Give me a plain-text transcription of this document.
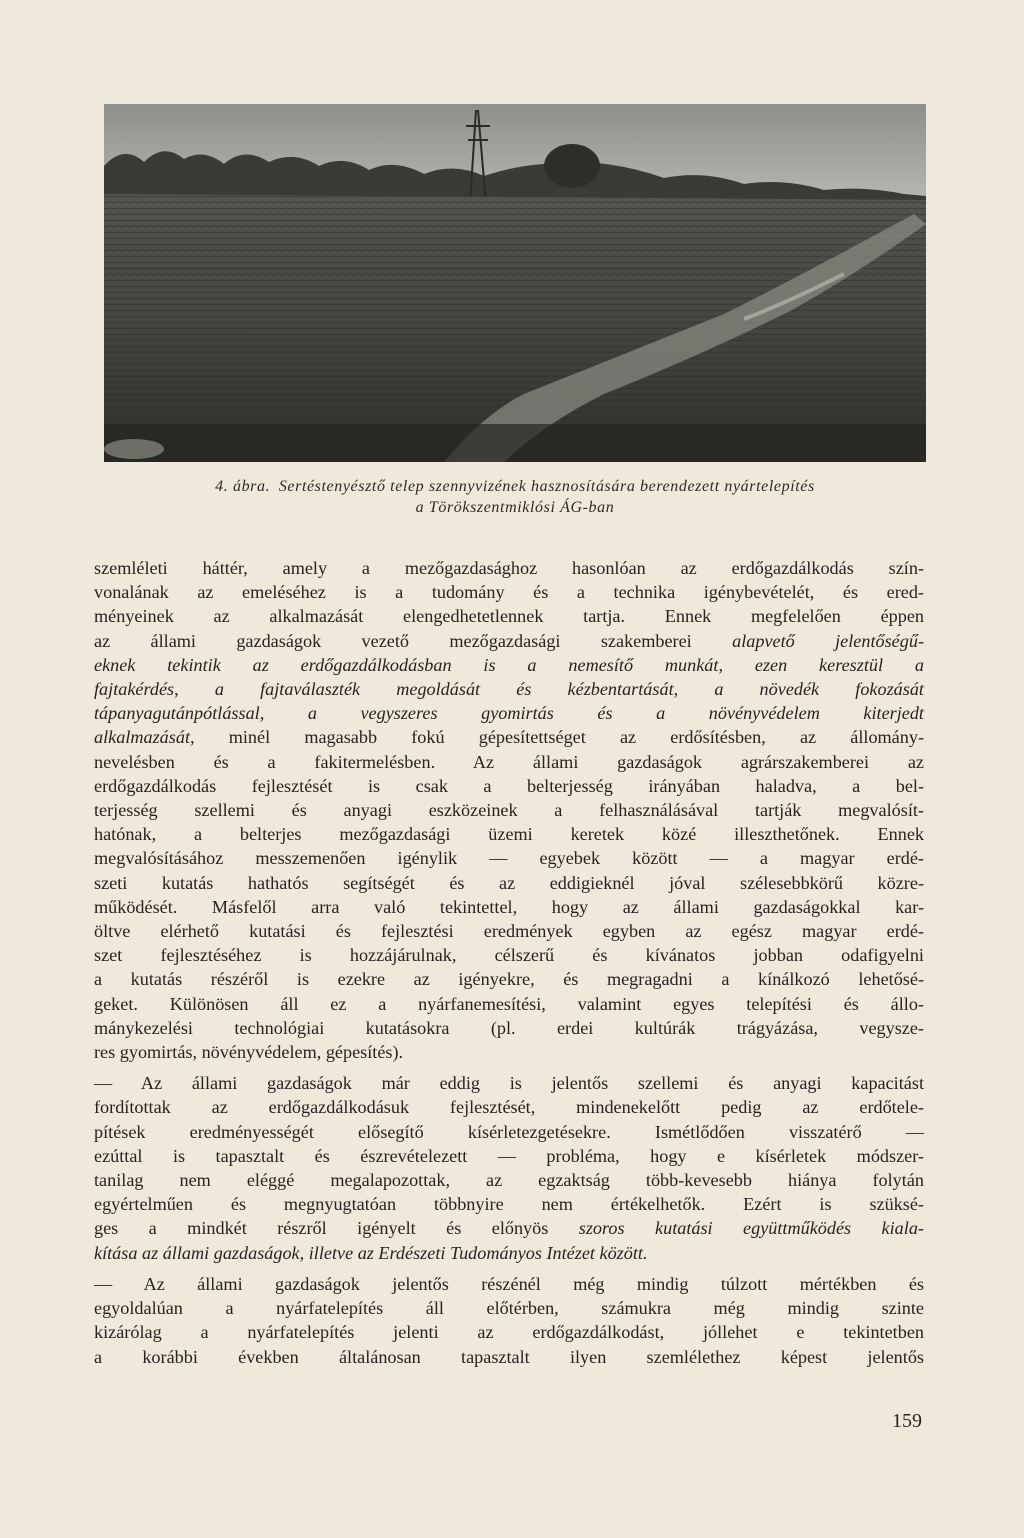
4. ábra. Sertéstenyésztő telep szennyvizének hasznosítására berendezett nyártelepítés
a Törökszentmiklósi ÁG-ban
szemléleti háttér, amely a mezőgazdasághoz hasonlóan az erdőgazdálkodás szín-
vonalának az emeléséhez is a tudomány és a technika igénybevételét, és ered-
ményeinek az alkalmazását elengedhetetlennek tartja. Ennek megfelelően éppen
az állami gazdaságok vezető mezőgazdasági szakemberei alapvető jelentőségű-
eknek tekintik az erdőgazdálkodásban is a nemesítő munkát, ezen keresztül a
fajtakérdés, a fajtaválaszték megoldását és kézbentartását, a növedék fokozását
tápanyagutánpótlással, a vegyszeres gyomirtás és a növényvédelem kiterjedt
alkalmazását, minél magasabb fokú gépesítettséget az erdősítésben, az állomány-
nevelésben és a fakitermelésben. Az állami gazdaságok agrárszakemberei az
erdőgazdálkodás fejlesztését is csak a belterjesség irányában haladva, a bel-
terjesség szellemi és anyagi eszközeinek a felhasználásával tartják megvalósít-
hatónak, a belterjes mezőgazdasági üzemi keretek közé illeszthetőnek. Ennek
megvalósításához messzemenően igénylik — egyebek között — a magyar erdé-
szeti kutatás hathatós segítségét és az eddigieknél jóval szélesebbkörű közre-
működését. Másfelől arra való tekintettel, hogy az állami gazdaságokkal kar-
öltve elérhető kutatási és fejlesztési eredmények egyben az egész magyar erdé-
szet fejlesztéséhez is hozzájárulnak, célszerű és kívánatos jobban odafigyelni
a kutatás részéről is ezekre az igényekre, és megragadni a kínálkozó lehetősé-
geket. Különösen áll ez a nyárfanemesítési, valamint egyes telepítési és állo-
mánykezelési technológiai kutatásokra (pl. erdei kultúrák trágyázása, vegysze-
res gyomirtás, növényvédelem, gépesítés).
— Az állami gazdaságok már eddig is jelentős szellemi és anyagi kapacitást
fordítottak az erdőgazdálkodásuk fejlesztését, mindenekelőtt pedig az erdőtele-
pítések eredményességét elősegítő kísérletezgetésekre. Ismétlődően visszatérő —
ezúttal is tapasztalt és észrevételezett — probléma, hogy e kísérletek módszer-
tanilag nem eléggé megalapozottak, az egzaktság több-kevesebb hiánya folytán
egyértelműen és megnyugtatóan többnyire nem értékelhetők. Ezért is szüksé-
ges a mindkét részről igényelt és előnyös szoros kutatási együttműködés kiala-
kítása az állami gazdaságok, illetve az Erdészeti Tudományos Intézet között.
— Az állami gazdaságok jelentős részénél még mindig túlzott mértékben és
egyoldalúan a nyárfatelepítés áll előtérben, számukra még mindig szinte
kizárólag a nyárfatelepítés jelenti az erdőgazdálkodást, jóllehet e tekintetben
a korábbi években általánosan tapasztalt ilyen szemlélethez képest jelentős
159
